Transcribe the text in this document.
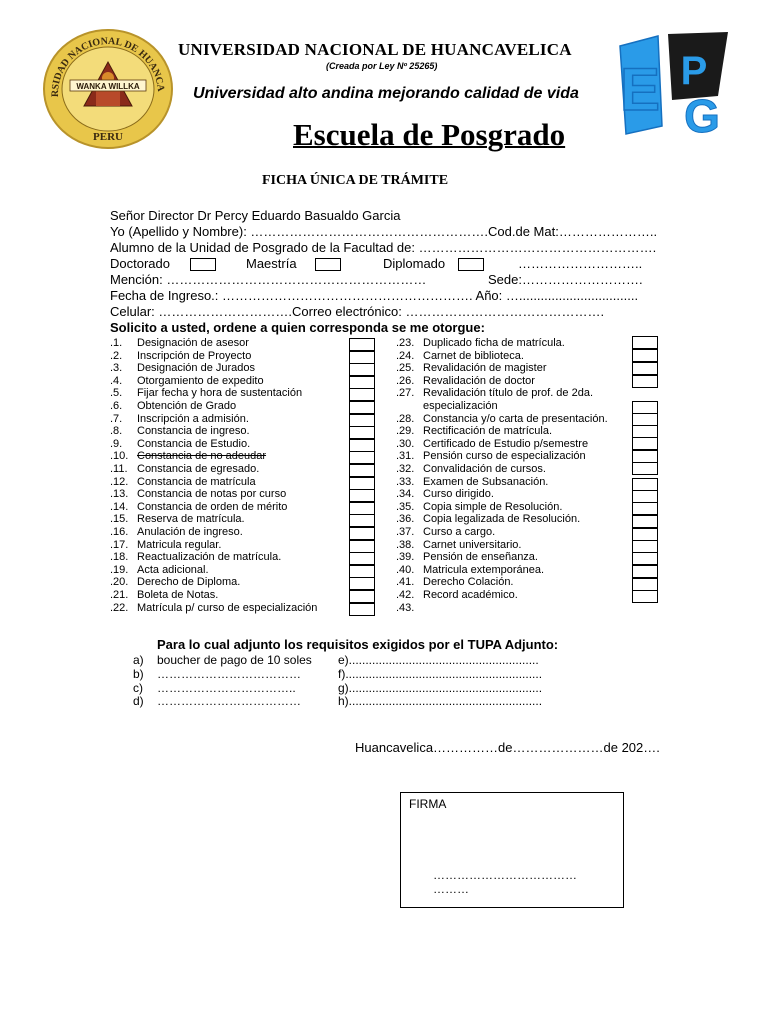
RSIDAD NACIONAL DE HUANCA
WANKA WILLKA
PERU
UNIVERSIDAD NACIONAL DE HUANCAVELICA
(Creada por Ley Nº 25265)
Universidad alto andina mejorando calidad de vida
Escuela de Posgrado
E P
G
FICHA ÚNICA DE TRÁMITE
Señor Director Dr Percy Eduardo Basualdo Garcia
Yo (Apellido y Nombre): ……………………………………………….Cod.de Mat:…………………..
Alumno de la Unidad de Posgrado de la Facultad de: ……………………………………………….
Doctorado	Maestría	Diplomado	………………………..
Mención: ……………………………………………………	Sede:……………………….
Fecha de Ingreso.: …………………………………………………. Año: ….................................
Celular: ………………………….Correo electrónico: ……………………………………….
Solicito a usted, ordene a quien corresponda se me otorgue:
.1. Designación de asesor
.2. Inscripción de Proyecto
.3. Designación de Jurados
.4. Otorgamiento de expedito
.5. Fijar fecha y hora de sustentación
.6. Obtención de Grado
.7. Inscripción a admisión.
.8. Constancia de ingreso.
.9. Constancia de Estudio.
.10. Constancia de no adeudar
.11. Constancia de egresado.
.12. Constancia de matrícula
.13. Constancia de notas por curso
.14. Constancia de orden de mérito
.15. Reserva de matrícula.
.16. Anulación de ingreso.
.17. Matricula regular.
.18. Reactualización de matrícula.
.19. Acta adicional.
.20. Derecho de Diploma.
.21. Boleta de Notas.
.22. Matrícula p/ curso de especialización
.23. Duplicado ficha de matrícula.
.24. Carnet de biblioteca.
.25. Revalidación de magister
.26. Revalidación de doctor
.27. Revalidación título de prof. de 2da.
especialización
.28. Constancia y/o carta de presentación.
.29. Rectificación de matrícula.
.30. Certificado de Estudio p/semestre
.31. Pensión curso de especialización
.32. Convalidación de cursos.
.33. Examen de Subsanación.
.34. Curso dirigido.
.35. Copia simple de Resolución.
.36. Copia legalizada de Resolución.
.37. Curso a cargo.
.38. Carnet universitario.
.39. Pensión de enseñanza.
.40. Matricula extemporánea.
.41. Derecho Colación.
.42. Record académico.
.43.
Para lo cual adjunto los requisitos exigidos por el TUPA Adjunto:
a) boucher de pago de 10 soles
b) ………………………………
c) ……………………………..
d) ………………………………
e).........................................................
f)...........................................................
g)..........................................................
h)..........................................................
Huancavelica……………de…………………de 202….
FIRMA
………………………………
………
